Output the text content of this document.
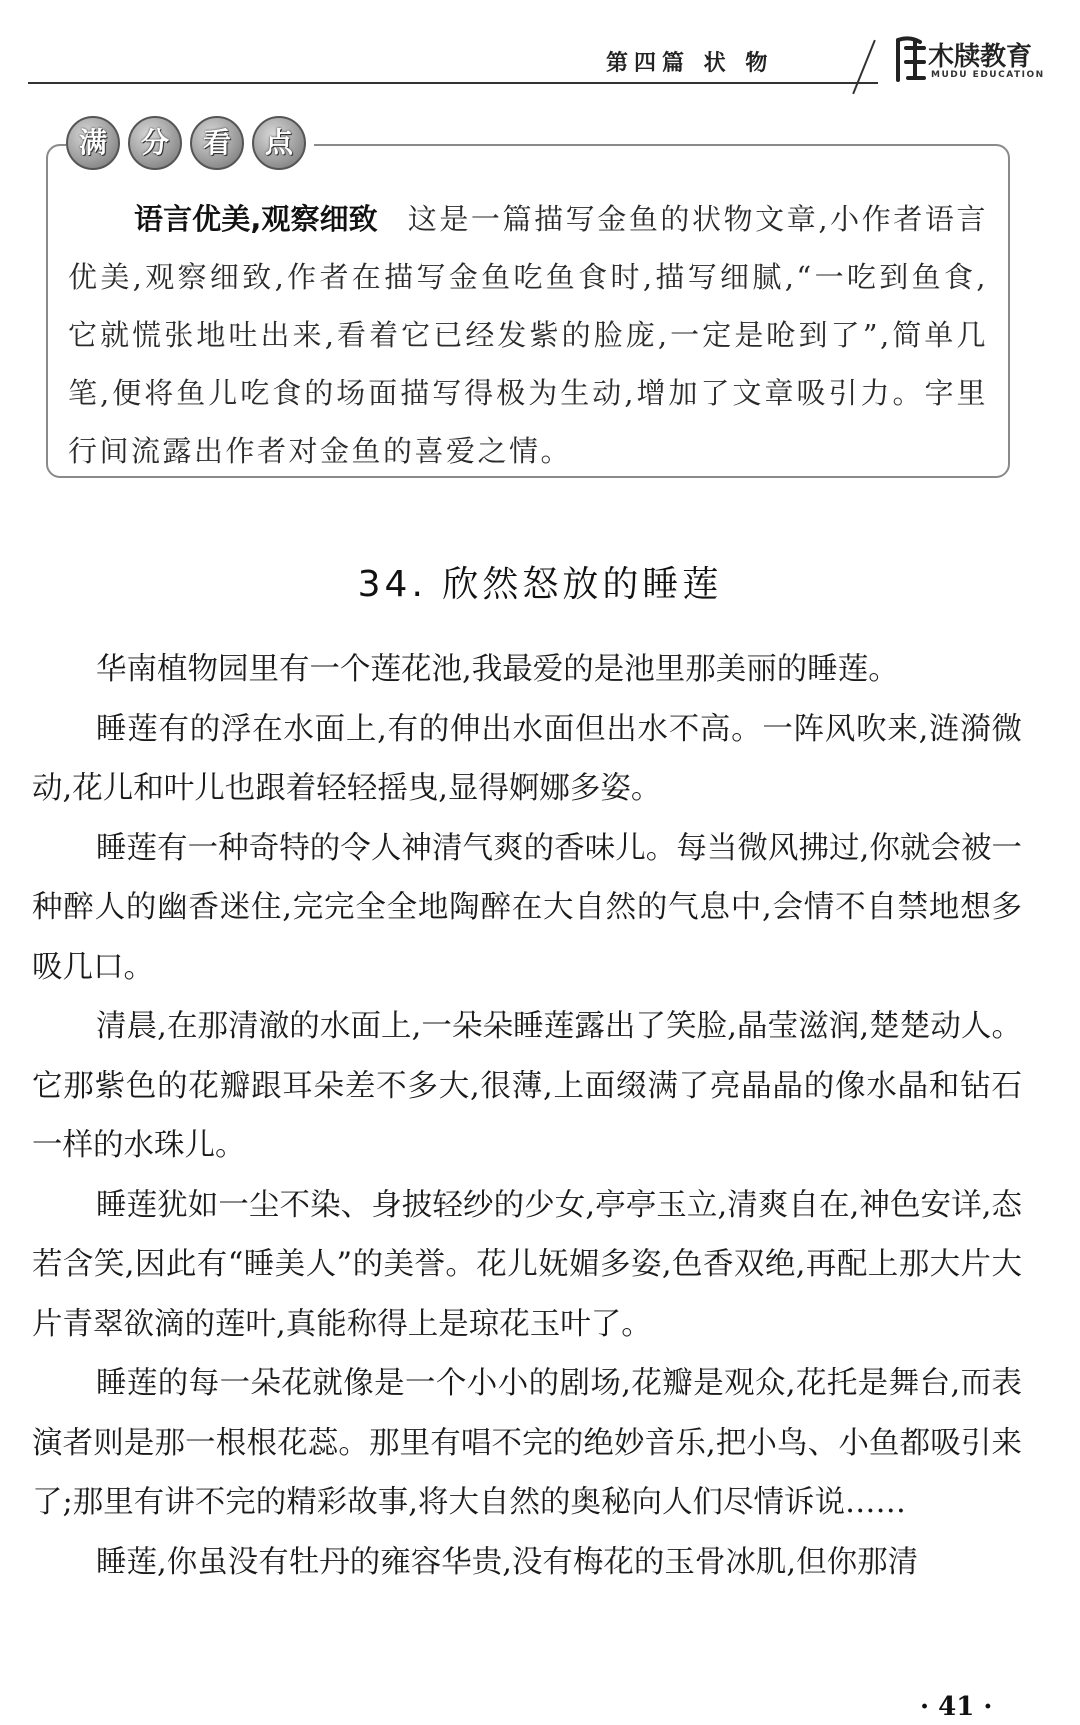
第四篇 状 物	木牍教育
MUDU EDUCATION
满	分	看	点
语言优美,观察细致 这是一篇描写金鱼的状物文章,小作者语言优美,观察细致,作者在描写金鱼吃鱼食时,描写细腻,“一吃到鱼食,它就慌张地吐出来,看着它已经发紫的脸庞,一定是呛到了”,简单几笔,便将鱼儿吃食的场面描写得极为生动,增加了文章吸引力。字里行间流露出作者对金鱼的喜爱之情。
34. 欣然怒放的睡莲

华南植物园里有一个莲花池,我最爱的是池里那美丽的睡莲。

睡莲有的浮在水面上,有的伸出水面但出水不高。一阵风吹来,涟漪微动,花儿和叶儿也跟着轻轻摇曳,显得婀娜多姿。

睡莲有一种奇特的令人神清气爽的香味儿。每当微风拂过,你就会被一种醉人的幽香迷住,完完全全地陶醉在大自然的气息中,会情不自禁地想多吸几口。

清晨,在那清澈的水面上,一朵朵睡莲露出了笑脸,晶莹滋润,楚楚动人。它那紫色的花瓣跟耳朵差不多大,很薄,上面缀满了亮晶晶的像水晶和钻石一样的水珠儿。

睡莲犹如一尘不染、身披轻纱的少女,亭亭玉立,清爽自在,神色安详,态若含笑,因此有“睡美人”的美誉。花儿妩媚多姿,色香双绝,再配上那大片大片青翠欲滴的莲叶,真能称得上是琼花玉叶了。

睡莲的每一朵花就像是一个小小的剧场,花瓣是观众,花托是舞台,而表演者则是那一根根花蕊。那里有唱不完的绝妙音乐,把小鸟、小鱼都吸引来了;那里有讲不完的精彩故事,将大自然的奥秘向人们尽情诉说……

睡莲,你虽没有牡丹的雍容华贵,没有梅花的玉骨冰肌,但你那清

· 41 ·
